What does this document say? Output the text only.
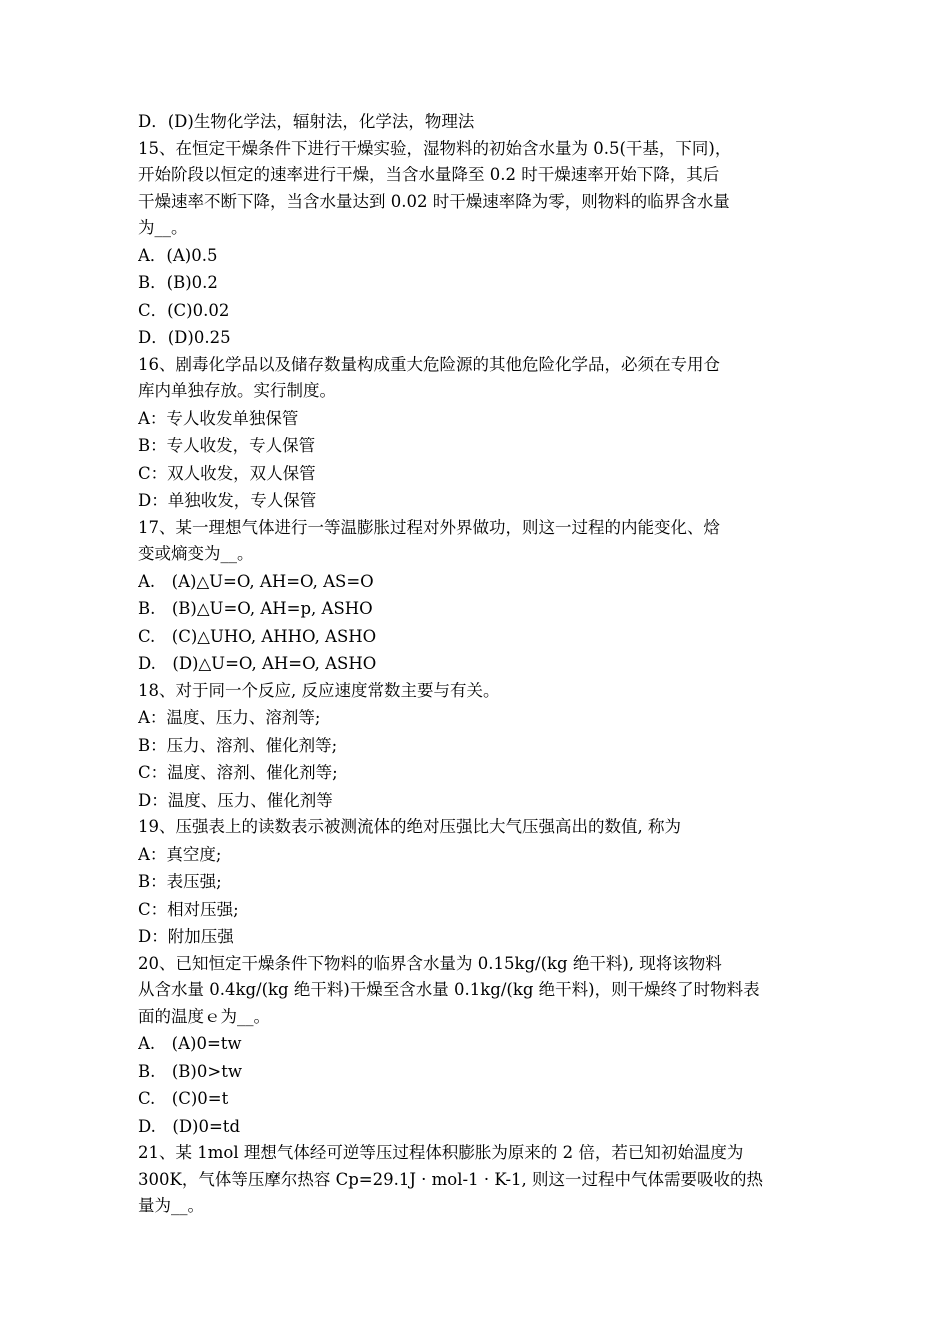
D．(D)生物化学法，辐射法，化学法，物理法
15、在恒定干燥条件下进行干燥实验，湿物料的初始含水量为 0.5(干基，下同)，
开始阶段以恒定的速率进行干燥，当含水量降至 0.2 时干燥速率开始下降，其后
干燥速率不断下降，当含水量达到 0.02 时干燥速率降为零，则物料的临界含水量
为__。
A．(A)0.5
B．(B)0.2
C．(C)0.02
D．(D)0.25
16、剧毒化学品以及储存数量构成重大危险源的其他危险化学品，必须在专用仓
库内单独存放。实行制度。
A：专人收发单独保管
B：专人收发，专人保管
C：双人收发，双人保管
D：单独收发，专人保管
17、某一理想气体进行一等温膨胀过程对外界做功，则这一过程的内能变化、焓
变或熵变为__。
A.　(A)△U=O, ΑH=O, ΑS=O
B.　(B)△U=O, ΑH=p, ΑSΗO
C.　(C)△UΗO, ΑHΗO, ΑSΗO
D.　(D)△U=O, ΑH=O, ΑSΗO
18、对于同一个反应, 反应速度常数主要与有关。
A：温度、压力、溶剂等;
B：压力、溶剂、催化剂等;
C：温度、溶剂、催化剂等;
D：温度、压力、催化剂等
19、压强表上的读数表示被测流体的绝对压强比大气压强高出的数值, 称为
A：真空度;
B：表压强;
C：相对压强;
D：附加压强
20、已知恒定干燥条件下物料的临界含水量为 0.15kg/(kg 绝干料), 现将该物料
从含水量 0.4kg/(kg 绝干料)干燥至含水量 0.1kg/(kg 绝干料)，则干燥终了时物料表
面的温度ｅ为__。
A.　(A)0=tw
B.　(B)0>tw
C.　(C)0=t
D.　(D)0=td
21、某 1mol 理想气体经可逆等压过程体积膨胀为原来的 2 倍，若已知初始温度为
300K，气体等压摩尔热容 Cp=29.1J · mol-1 · K-1, 则这一过程中气体需要吸收的热
量为__。
